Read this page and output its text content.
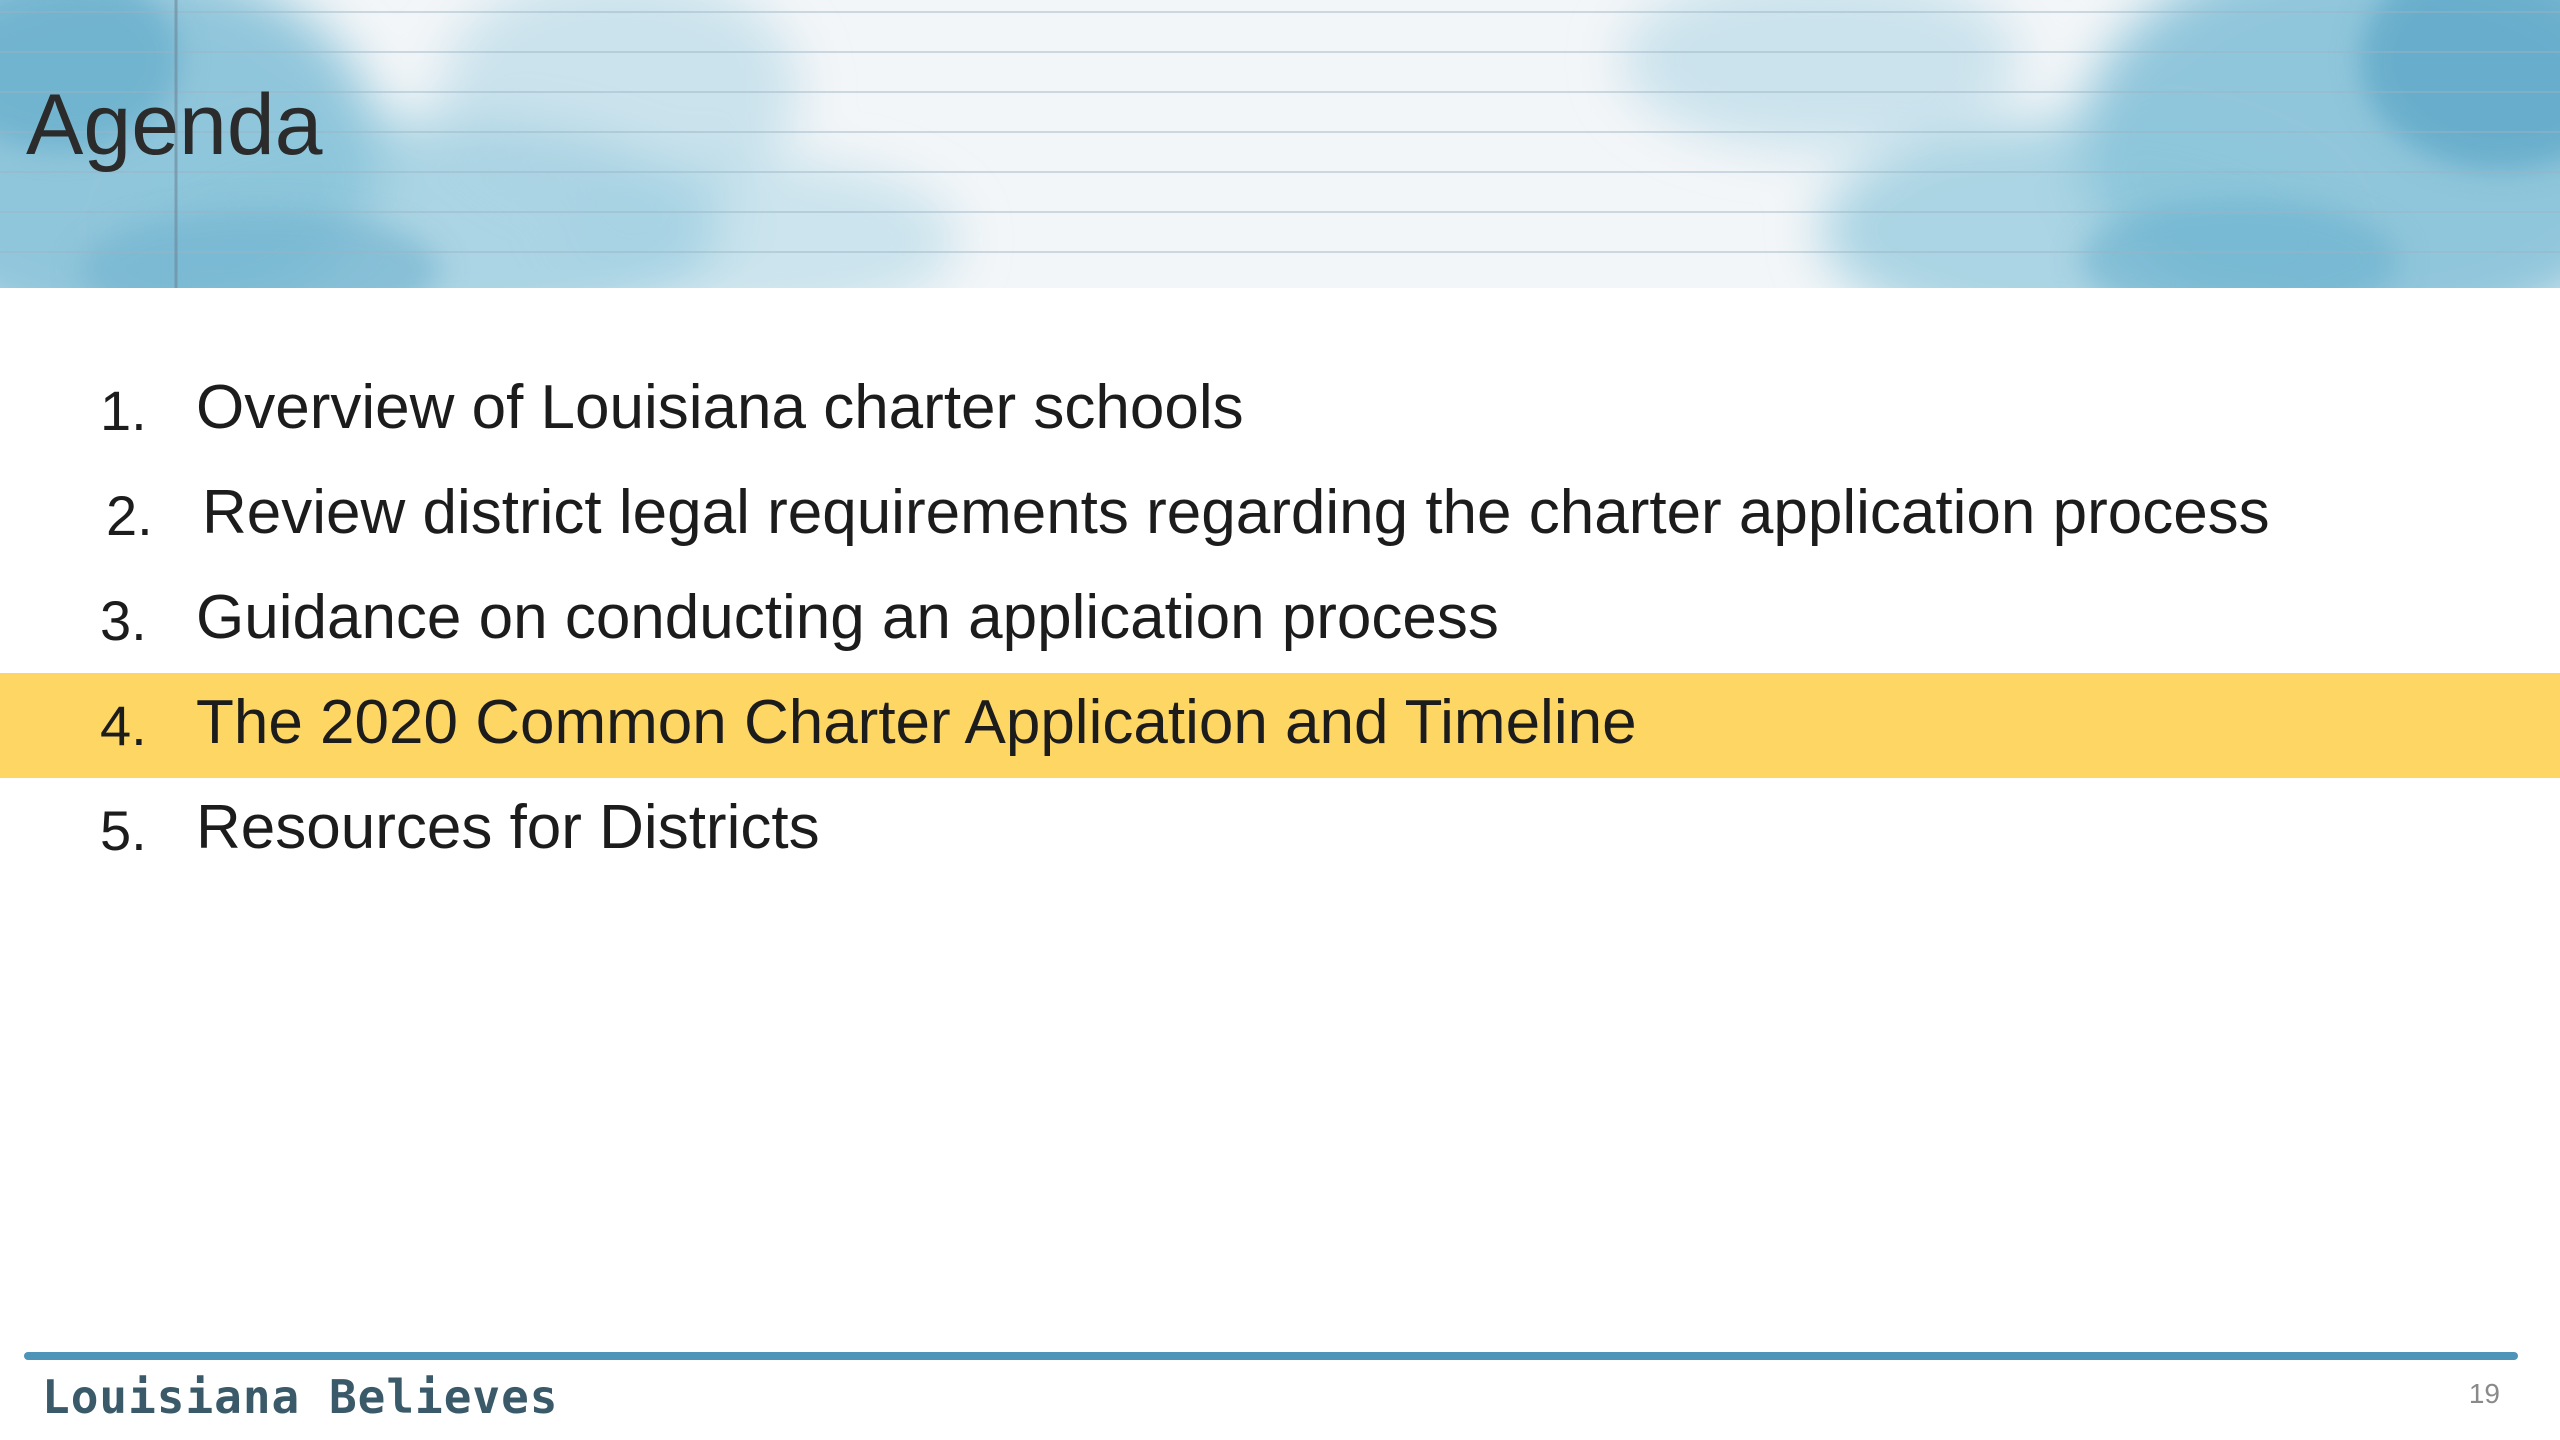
Agenda
1. Overview of Louisiana charter schools
2. Review district legal requirements regarding the charter application process
3. Guidance on conducting an application process
4. The 2020 Common Charter Application and Timeline
5. Resources for Districts
Louisiana Believes	19
